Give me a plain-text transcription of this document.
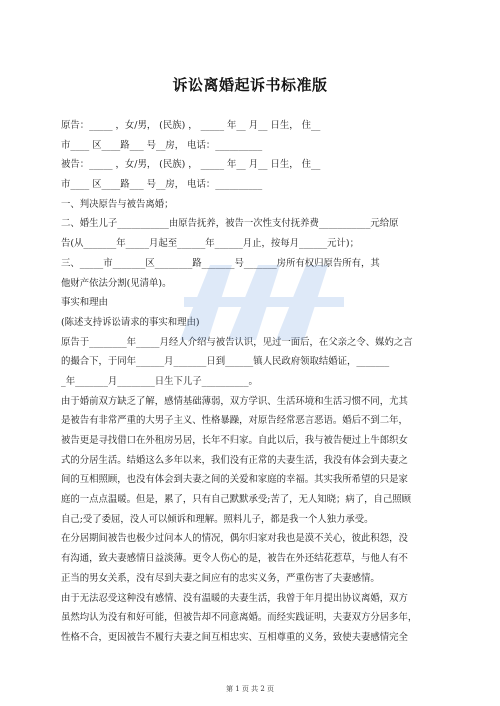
诉讼离婚起诉书标准版
原告：_____ ，女/男， (民族) ， _____ 年__ 月__ 日生， 住__
市____ 区____路___ 号__房， 电话：__________
被告：_____ ，女/男， (民族) ， _____ 年__ 月__ 日生， 住__
市____ 区____路___ 号__房， 电话：__________
一、判决原告与被告离婚；
二、婚生儿子___________由原告抚养，被告一次性支付抚养费___________元给原
告(从_______年_____月起至______年______月止，按每月______元计)；
三、_____市_______区________路_______号_______房所有权归原告所有，其
他财产依法分割(见清单)。
事实和理由
(陈述支持诉讼请求的事实和理由)
原告于________年_____月经人介绍与被告认识，见过一面后，在父亲之令、媒妁之言
的撮合下，于同年______月_______日到______镇人民政府领取结婚证，_______
_年_______月________日生下儿子__________。
由于婚前双方缺乏了解，感情基础薄弱，双方学识、生活环境和生活习惯不同，尤其
是被告有非常严重的大男子主义、性格暴躁，对原告经常恶言恶语。婚后不到二年，
被告更是寻找借口在外租房另居，长年不归家。自此以后，我与被告便过上牛郎织女
式的分居生活。结婚这么多年以来，我们没有正常的夫妻生活，我没有体会到夫妻之
间的互相照顾，也没有体会到夫妻之间的关爱和家庭的幸福。其实我所希望的只是家
庭的一点点温暖。但是，累了，只有自己默默承受;苦了，无人知晓；病了，自己照顾
自己;受了委屈，没人可以倾诉和理解。照料儿子，都是我一个人独力承受。
在分居期间被告也极少过问本人的情况，偶尔归家对我也是漠不关心，彼此积怨，没
有沟通，致夫妻感情日益淡薄。更令人伤心的是，被告在外还结花惹草，与他人有不
正当的男女关系，没有尽到夫妻之间应有的忠实义务，严重伤害了夫妻感情。
由于无法忍受这种没有感情、没有温暖的夫妻生活，我曾于年月提出协议离婚，双方
虽然均认为没有和好可能，但被告却不同意离婚。而经实践证明，夫妻双方分居多年，
性格不合，更因被告不履行夫妻之间互相忠实、互相尊重的义务，致使夫妻感情完全
第 1 页 共 2 页
